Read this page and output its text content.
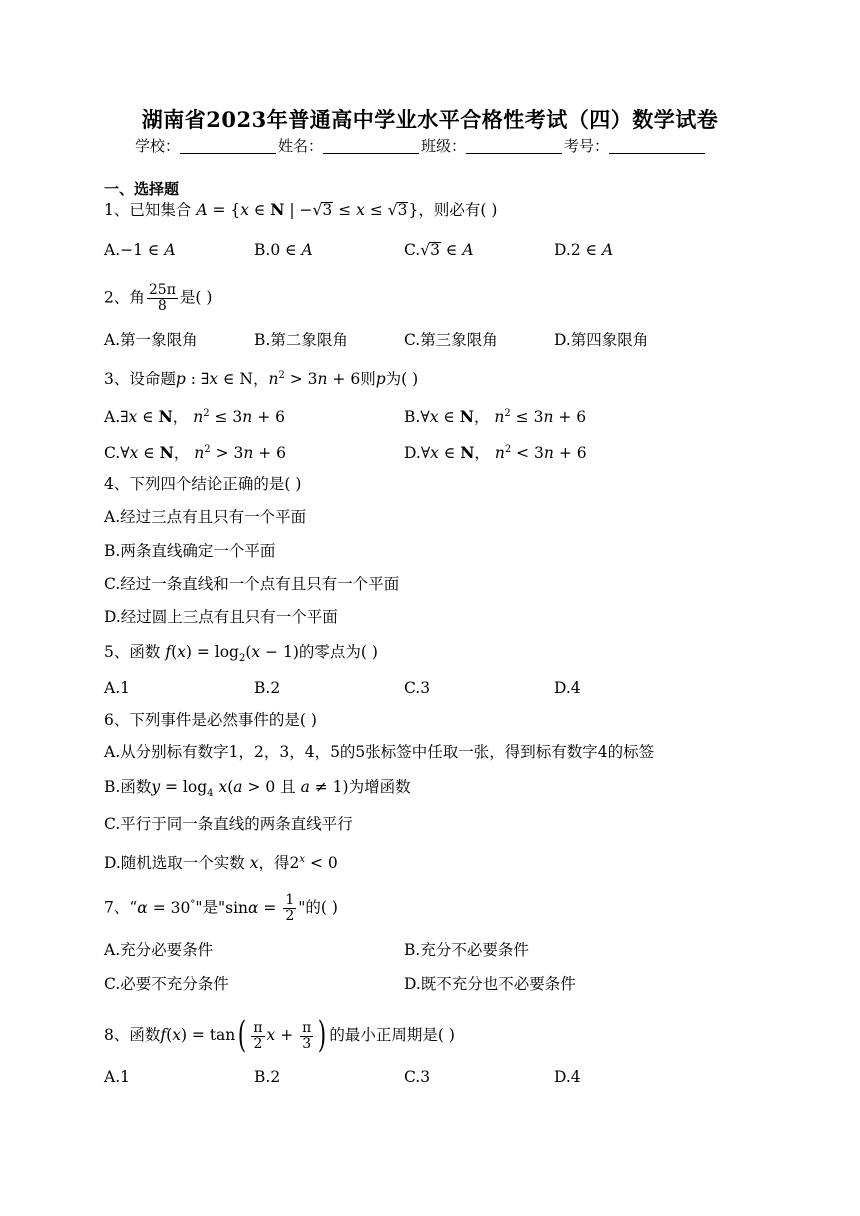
湖南省2023年普通高中学业水平合格性考试（四）数学试卷
学校：	姓名：	班级：	考号：
一、选择题
1、已知集合 A = {x ∈ N | −√3 ≤ x ≤ √3}，则必有( )
A.−1 ∈ A	B.0 ∈ A	C.√3 ∈ A	D.2 ∈ A
2、角 $\frac{25\pi}{8}$ 是( )
A.第一象限角	B.第二象限角	C.第三象限角	D.第四象限角
3、设命题p : ∃x ∈ N，$n^2 > 3n + 6$则p为( )
A.∃x ∈ N， $n^2 \le 3n + 6$	B.∀x ∈ N， $n^2 \le 3n + 6$
C.∀x ∈ N， $n^2 > 3n + 6$	D.∀x ∈ N， $n^2 < 3n + 6$
4、下列四个结论正确的是( )
A.经过三点有且只有一个平面
B.两条直线确定一个平面
C.经过一条直线和一个点有且只有一个平面
D.经过圆上三点有且只有一个平面
5、函数 $f(x) = \log_2(x - 1)$的零点为( )
A.1	B.2	C.3	D.4
6、下列事件是必然事件的是( )
A.从分别标有数字1，2，3，4，5的5张标签中任取一张，得到标有数字4的标签
B.函数$y = \log_4 x(a > 0$ 且 a ≠ 1)为增函数
C.平行于同一条直线的两条直线平行
D.随机选取一个实数 x，得$2^x < 0$
7、“α = 30°"是"$\sin\alpha = \frac{1}{2}$ "的( )
A.充分必要条件	B.充分不必要条件
C.必要不充分条件	D.既不充分也不必要条件
8、函数$f(x) = \tan( \frac{\pi}{2}$ $x + \frac{\pi}{3}$ ) 的最小正周期是( )
A.1	B.2	C.3	D.4
